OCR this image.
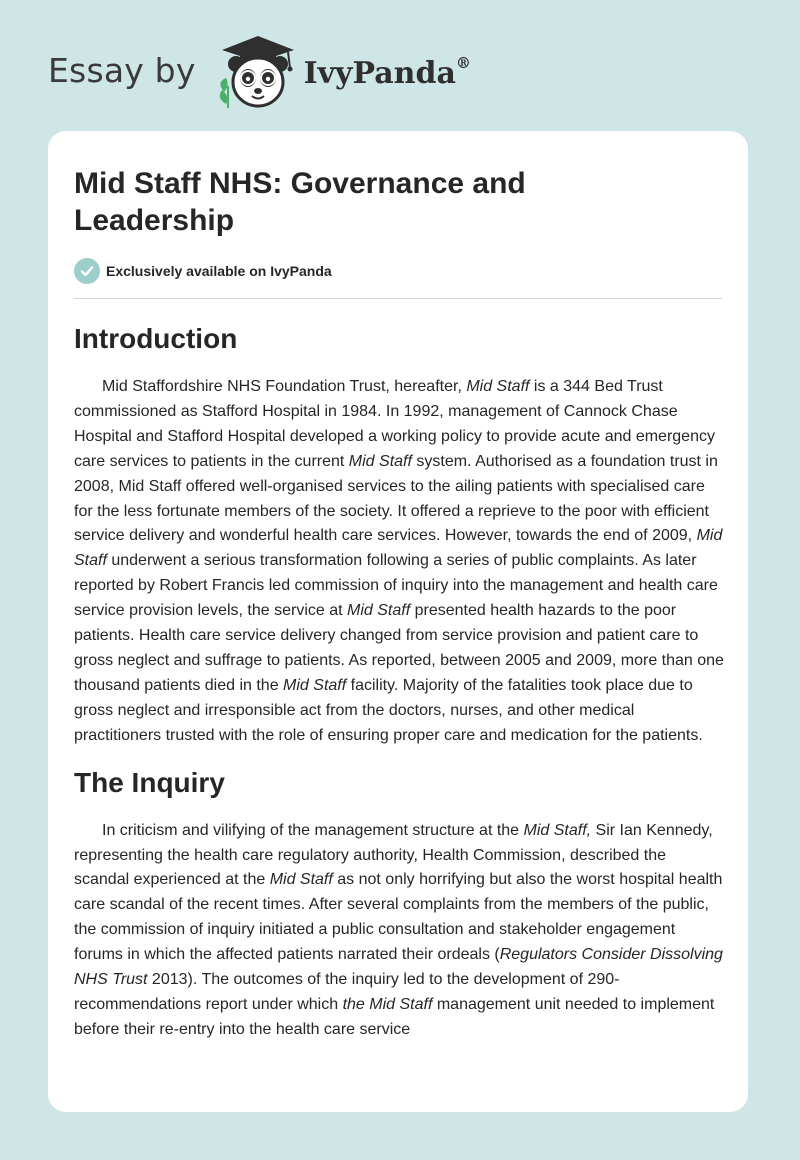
Essay by	IvyPanda®
Mid Staff NHS: Governance and Leadership
Exclusively available on IvyPanda
Introduction

Mid Staffordshire NHS Foundation Trust, hereafter, Mid Staff is a 344 Bed Trust commissioned as Stafford Hospital in 1984. In 1992, management of Cannock Chase Hospital and Stafford Hospital developed a working policy to provide acute and emergency care services to patients in the current Mid Staff system. Authorised as a foundation trust in 2008, Mid Staff offered well-organised services to the ailing patients with specialised care for the less fortunate members of the society. It offered a reprieve to the poor with efficient service delivery and wonderful health care services. However, towards the end of 2009, Mid Staff underwent a serious transformation following a series of public complaints. As later reported by Robert Francis led commission of inquiry into the management and health care service provision levels, the service at Mid Staff presented health hazards to the poor patients. Health care service delivery changed from service provision and patient care to gross neglect and suffrage to patients. As reported, between 2005 and 2009, more than one thousand patients died in the Mid Staff facility. Majority of the fatalities took place due to gross neglect and irresponsible act from the doctors, nurses, and other medical practitioners trusted with the role of ensuring proper care and medication for the patients.

The Inquiry

In criticism and vilifying of the management structure at the Mid Staff, Sir Ian Kennedy, representing the health care regulatory authority, Health Commission, described the scandal experienced at the Mid Staff as not only horrifying but also the worst hospital health care scandal of the recent times. After several complaints from the members of the public, the commission of inquiry initiated a public consultation and stakeholder engagement forums in which the affected patients narrated their ordeals (Regulators Consider Dissolving NHS Trust 2013). The outcomes of the inquiry led to the development of 290-recommendations report under which the Mid Staff management unit needed to implement before their re-entry into the health care service
